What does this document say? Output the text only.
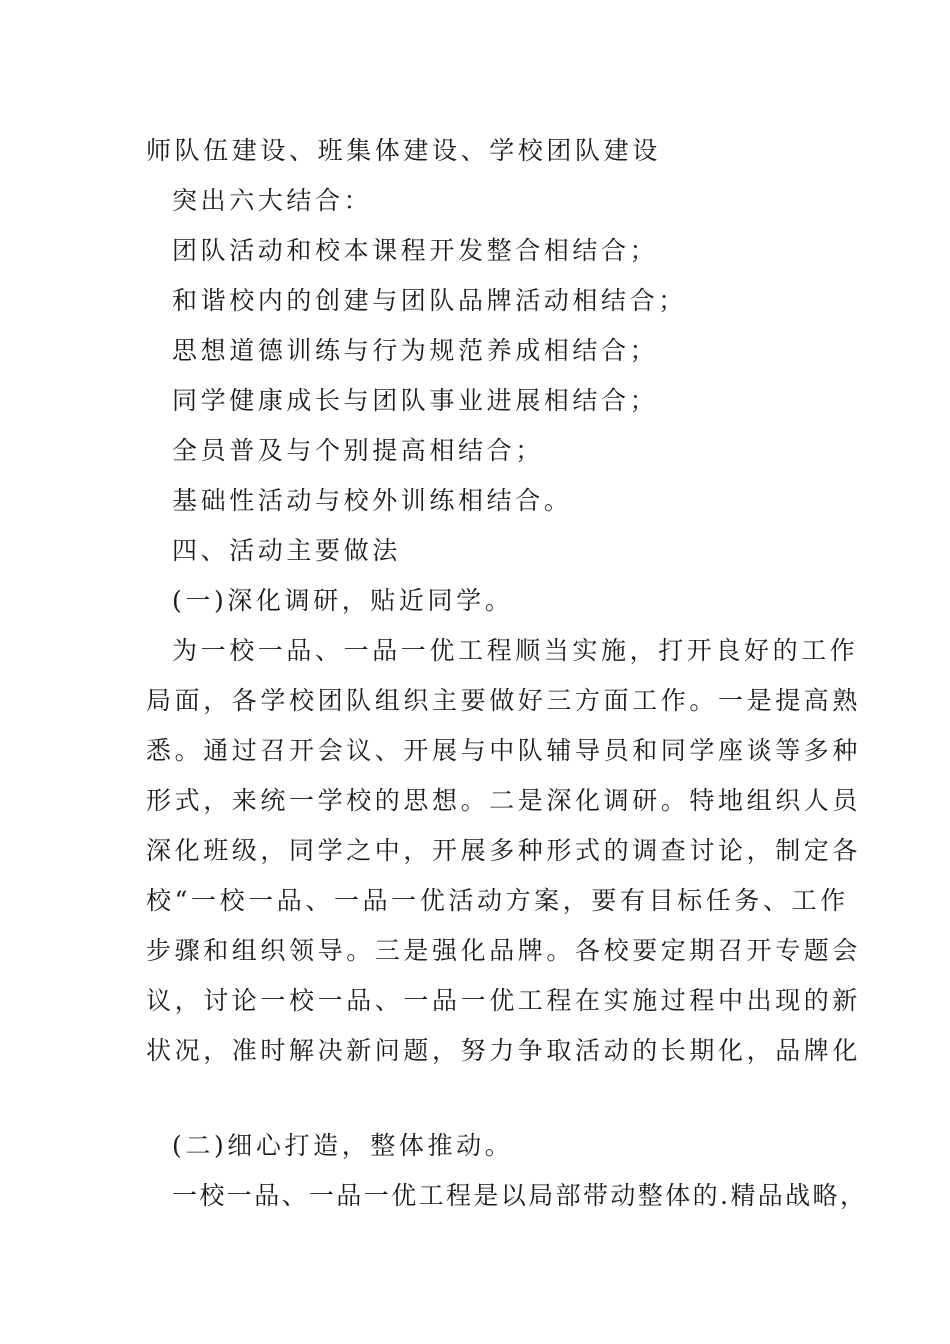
师队伍建设、班集体建设、学校团队建设
突出六大结合：
团队活动和校本课程开发整合相结合；
和谐校内的创建与团队品牌活动相结合；
思想道德训练与行为规范养成相结合；
同学健康成长与团队事业进展相结合；
全员普及与个别提高相结合；
基础性活动与校外训练相结合。
四、活动主要做法
(一)深化调研，贴近同学。
为一校一品、一品一优工程顺当实施，打开良好的工作
局面，各学校团队组织主要做好三方面工作。一是提高熟
悉。通过召开会议、开展与中队辅导员和同学座谈等多种
形式，来统一学校的思想。二是深化调研。特地组织人员
深化班级，同学之中，开展多种形式的调查讨论，制定各
校“一校一品、一品一优活动方案，要有目标任务、工作
步骤和组织领导。三是强化品牌。各校要定期召开专题会
议，讨论一校一品、一品一优工程在实施过程中出现的新
状况，准时解决新问题，努力争取活动的长期化，品牌化
(二)细心打造，整体推动。
一校一品、一品一优工程是以局部带动整体的.精品战略，
